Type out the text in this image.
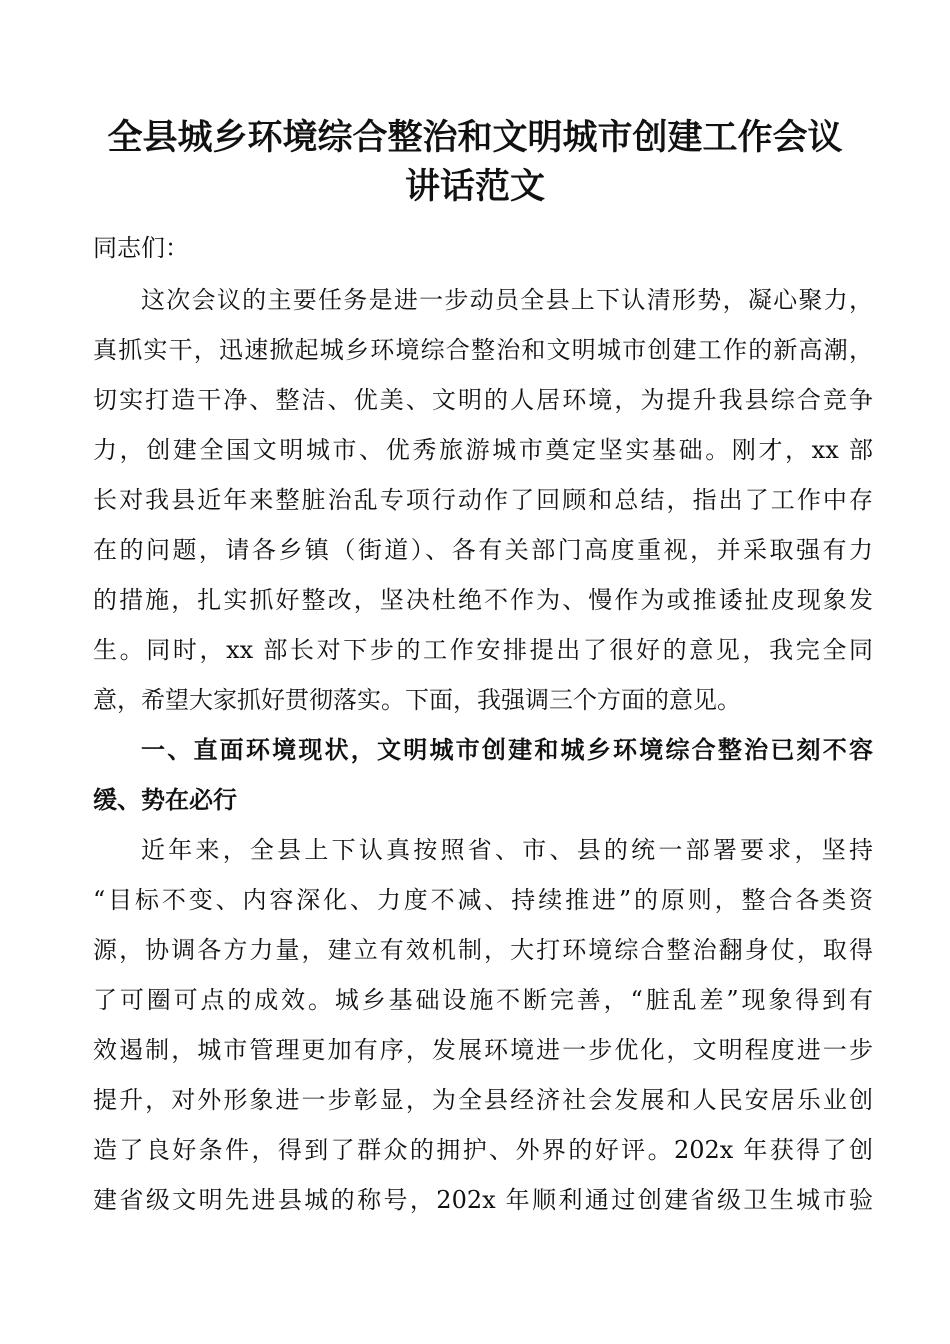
全县城乡环境综合整治和文明城市创建工作会议
讲话范文
同志们：
这次会议的主要任务是进一步动员全县上下认清形势，凝心聚力，
真抓实干，迅速掀起城乡环境综合整治和文明城市创建工作的新高潮，
切实打造干净、整洁、优美、文明的人居环境，为提升我县综合竞争
力，创建全国文明城市、优秀旅游城市奠定坚实基础。刚才，xx 部
长对我县近年来整脏治乱专项行动作了回顾和总结，指出了工作中存
在的问题，请各乡镇（街道）、各有关部门高度重视，并采取强有力
的措施，扎实抓好整改，坚决杜绝不作为、慢作为或推诿扯皮现象发
生。同时，xx 部长对下步的工作安排提出了很好的意见，我完全同
意，希望大家抓好贯彻落实。下面，我强调三个方面的意见。
一、直面环境现状，文明城市创建和城乡环境综合整治已刻不容
缓、势在必行
近年来，全县上下认真按照省、市、县的统一部署要求，坚持
“目标不变、内容深化、力度不减、持续推进”的原则，整合各类资
源，协调各方力量，建立有效机制，大打环境综合整治翻身仗，取得
了可圈可点的成效。城乡基础设施不断完善，“脏乱差”现象得到有
效遏制，城市管理更加有序，发展环境进一步优化，文明程度进一步
提升，对外形象进一步彰显，为全县经济社会发展和人民安居乐业创
造了良好条件，得到了群众的拥护、外界的好评。202x 年获得了创
建省级文明先进县城的称号，202x 年顺利通过创建省级卫生城市验
